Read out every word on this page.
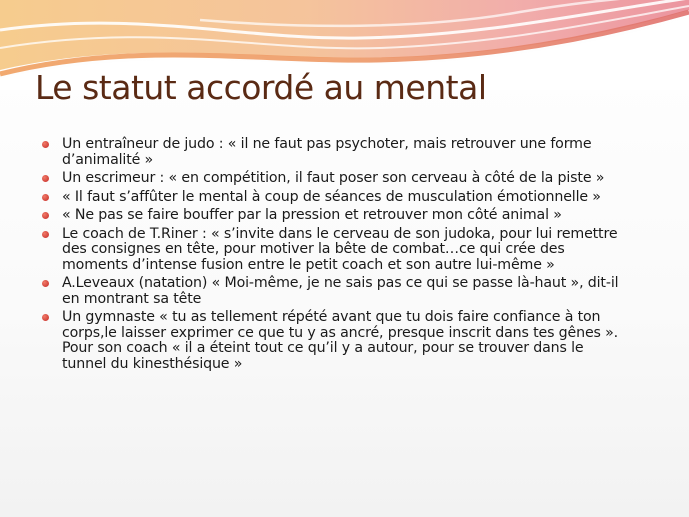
Le statut accordé au mental
Un entraîneur de judo : « il ne faut pas psychoter, mais retrouver une forme d’animalité »
Un escrimeur : « en compétition, il faut poser son cerveau à côté de la piste »
« Il faut s’affûter le mental à coup de séances de musculation émotionnelle »
« Ne pas se faire bouffer par la pression et retrouver mon côté animal »
Le coach de T.Riner : « s’invite dans le cerveau de son judoka, pour lui remettre des consignes en tête, pour motiver la bête de combat…ce qui crée des moments d’intense fusion entre le petit coach et son autre lui-même »
A.Leveaux (natation) « Moi-même, je ne sais pas ce qui se passe là-haut », dit-il en montrant sa tête
Un gymnaste « tu as tellement répété avant que tu dois faire confiance à ton corps,le laisser exprimer ce que tu y as ancré, presque inscrit dans tes gênes ». Pour son coach « il a éteint tout ce qu’il y a autour, pour se trouver dans le tunnel du kinesthésique »
